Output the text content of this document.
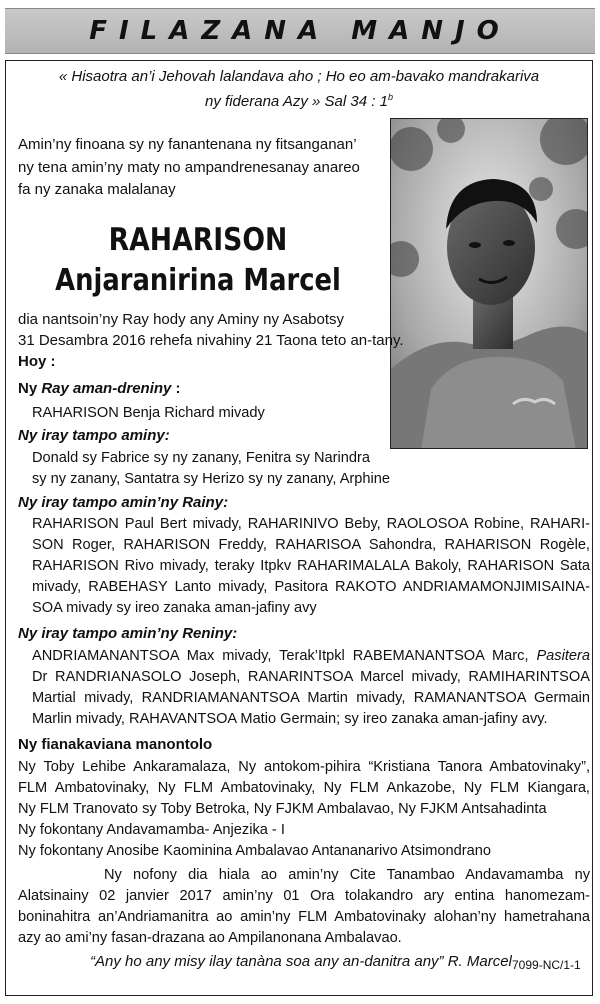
FILAZANA MANJO
« Hisaotra an’i Jehovah lalandava aho ; Ho eo am-bavako mandrakariva
ny fiderana Azy » Sal 34 : 1$^b$
Amin’ny finoana sy ny fanantenana ny fitsanganan’
ny tena amin’ny maty no ampandrenesanay anareo
fa ny zanaka malalanay
RAHARISON
Anjaranirina Marcel
dia nantsoin’ny Ray hody any Aminy ny Asabotsy
31 Desambra 2016 rehefa nivahiny 21 Taona teto an-tany.
Hoy :
Ny Ray aman-dreniny :
RAHARISON Benja Richard mivady
Ny iray tampo aminy:
Donald sy Fabrice sy ny zanany, Fenitra sy Narindra
sy ny zanany, Santatra sy Herizo sy ny zanany, Arphine
Ny iray tampo amin’ny Rainy:
RAHARISON Paul Bert mivady, RAHARINIVO Beby, RAOLOSOA Robine, RAHARI-
SON Roger, RAHARISON Freddy, RAHARISOA Sahondra, RAHARISON Rogèle,
RAHARISON Rivo mivady, teraky Itpkv RAHARIMALALA Bakoly, RAHARISON Sata
mivady, RABEHASY Lanto mivady, Pasitora RAKOTO ANDRIAMAMONJIMISAINA-
SOA mivady sy ireo zanaka aman-jafiny avy
Ny iray tampo amin’ny Reniny:
ANDRIAMANANTSOA Max mivady, Terak’Itpkl RABEMANANTSOA Marc, Pasitera
Dr RANDRIANASOLO Joseph, RANARINTSOA Marcel mivady, RAMIHARINTSOA
Martial mivady, RANDRIAMANANTSOA Martin mivady, RAMANANTSOA Germain
Marlin mivady, RAHAVANTSOA Matio Germain; sy ireo zanaka aman-jafiny avy.
Ny fianakaviana manontolo
Ny Toby Lehibe Ankaramalaza, Ny antokom-pihira “Kristiana Tanora Ambatovinaky”,
FLM Ambatovinaky, Ny FLM Ambatovinaky, Ny FLM Ankazobe, Ny FLM Kiangara,
Ny FLM Tranovato sy Toby Betroka, Ny FJKM Ambalavao, Ny FJKM Antsahadinta
Ny fokontany Andavamamba- Anjezika - I
Ny fokontany Anosibe Kaominina Ambalavao Antananarivo Atsimondrano
Ny nofony dia hiala ao amin’ny Cite Tanambao Andavamamba ny
Alatsinainy 02 janvier 2017 amin’ny 01 Ora tolakandro ary entina hanomezam-
boninahitra an’Andriamanitra ao amin’ny FLM Ambatovinaky alohan’ny hametrahana
azy ao ami’ny fasan-drazana ao Ampilanonana Ambalavao.
“Any ho any misy ilay tanàna soa any an-danitra any” R. Marcel 7099-NC/1-1
